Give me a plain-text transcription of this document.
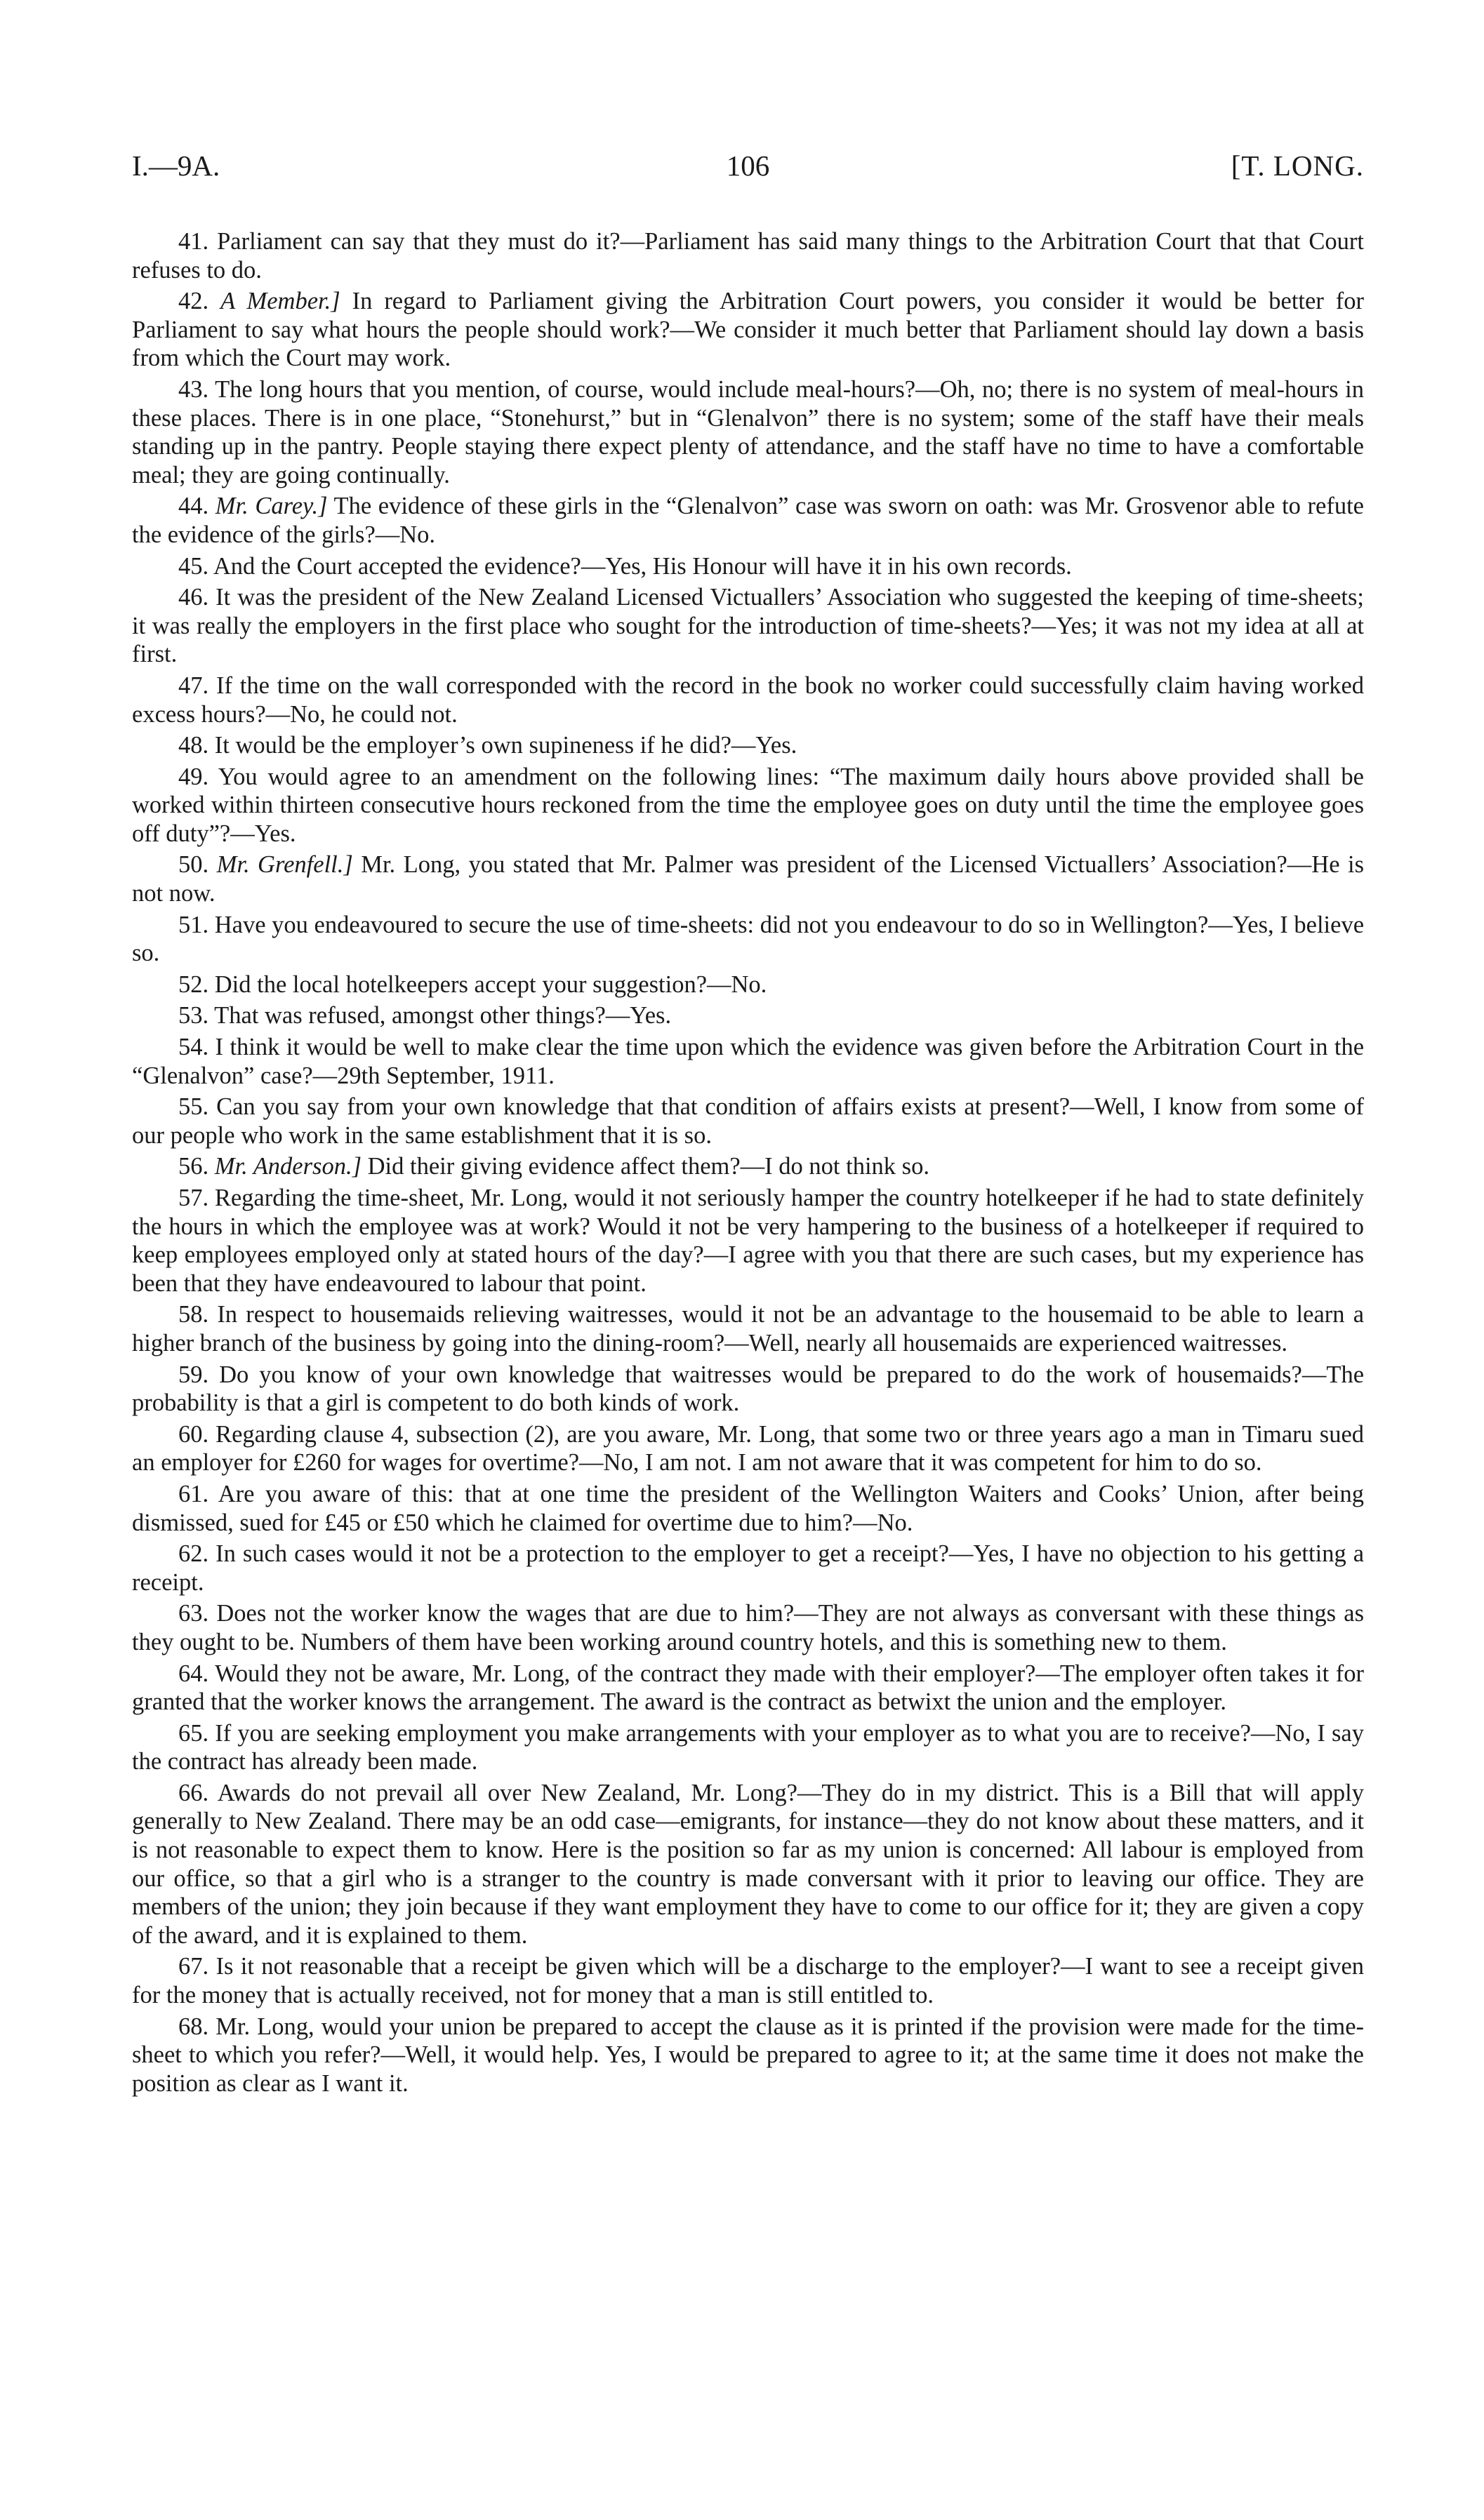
I.—9A.	106	[T. LONG.

41. Parliament can say that they must do it?—Parliament has said many things to the Arbitration Court that that Court refuses to do.

42. A Member.] In regard to Parliament giving the Arbitration Court powers, you consider it would be better for Parliament to say what hours the people should work?—We consider it much better that Parliament should lay down a basis from which the Court may work.

43. The long hours that you mention, of course, would include meal-hours?—Oh, no; there is no system of meal-hours in these places. There is in one place, “Stonehurst,” but in “Glenalvon” there is no system; some of the staff have their meals standing up in the pantry. People staying there expect plenty of attendance, and the staff have no time to have a comfortable meal; they are going continually.

44. Mr. Carey.] The evidence of these girls in the “Glenalvon” case was sworn on oath: was Mr. Grosvenor able to refute the evidence of the girls?—No.

45. And the Court accepted the evidence?—Yes, His Honour will have it in his own records.

46. It was the president of the New Zealand Licensed Victuallers’ Association who suggested the keeping of time-sheets; it was really the employers in the first place who sought for the introduction of time-sheets?—Yes; it was not my idea at all at first.

47. If the time on the wall corresponded with the record in the book no worker could successfully claim having worked excess hours?—No, he could not.

48. It would be the employer’s own supineness if he did?—Yes.

49. You would agree to an amendment on the following lines: “The maximum daily hours above provided shall be worked within thirteen consecutive hours reckoned from the time the employee goes on duty until the time the employee goes off duty”?—Yes.

50. Mr. Grenfell.] Mr. Long, you stated that Mr. Palmer was president of the Licensed Victuallers’ Association?—He is not now.

51. Have you endeavoured to secure the use of time-sheets: did not you endeavour to do so in Wellington?—Yes, I believe so.

52. Did the local hotelkeepers accept your suggestion?—No.

53. That was refused, amongst other things?—Yes.

54. I think it would be well to make clear the time upon which the evidence was given before the Arbitration Court in the “Glenalvon” case?—29th September, 1911.

55. Can you say from your own knowledge that that condition of affairs exists at present?—Well, I know from some of our people who work in the same establishment that it is so.

56. Mr. Anderson.] Did their giving evidence affect them?—I do not think so.

57. Regarding the time-sheet, Mr. Long, would it not seriously hamper the country hotelkeeper if he had to state definitely the hours in which the employee was at work? Would it not be very hampering to the business of a hotelkeeper if required to keep employees employed only at stated hours of the day?—I agree with you that there are such cases, but my experience has been that they have endeavoured to labour that point.

58. In respect to housemaids relieving waitresses, would it not be an advantage to the housemaid to be able to learn a higher branch of the business by going into the dining-room?—Well, nearly all housemaids are experienced waitresses.

59. Do you know of your own knowledge that waitresses would be prepared to do the work of housemaids?—The probability is that a girl is competent to do both kinds of work.

60. Regarding clause 4, subsection (2), are you aware, Mr. Long, that some two or three years ago a man in Timaru sued an employer for £260 for wages for overtime?—No, I am not. I am not aware that it was competent for him to do so.

61. Are you aware of this: that at one time the president of the Wellington Waiters and Cooks’ Union, after being dismissed, sued for £45 or £50 which he claimed for overtime due to him?—No.

62. In such cases would it not be a protection to the employer to get a receipt?—Yes, I have no objection to his getting a receipt.

63. Does not the worker know the wages that are due to him?—They are not always as conversant with these things as they ought to be. Numbers of them have been working around country hotels, and this is something new to them.

64. Would they not be aware, Mr. Long, of the contract they made with their employer?—The employer often takes it for granted that the worker knows the arrangement. The award is the contract as betwixt the union and the employer.

65. If you are seeking employment you make arrangements with your employer as to what you are to receive?—No, I say the contract has already been made.

66. Awards do not prevail all over New Zealand, Mr. Long?—They do in my district. This is a Bill that will apply generally to New Zealand. There may be an odd case—emigrants, for instance—they do not know about these matters, and it is not reasonable to expect them to know. Here is the position so far as my union is concerned: All labour is employed from our office, so that a girl who is a stranger to the country is made conversant with it prior to leaving our office. They are members of the union; they join because if they want employment they have to come to our office for it; they are given a copy of the award, and it is explained to them.

67. Is it not reasonable that a receipt be given which will be a discharge to the employer?—I want to see a receipt given for the money that is actually received, not for money that a man is still entitled to.

68. Mr. Long, would your union be prepared to accept the clause as it is printed if the provision were made for the time-sheet to which you refer?—Well, it would help. Yes, I would be prepared to agree to it; at the same time it does not make the position as clear as I want it.
